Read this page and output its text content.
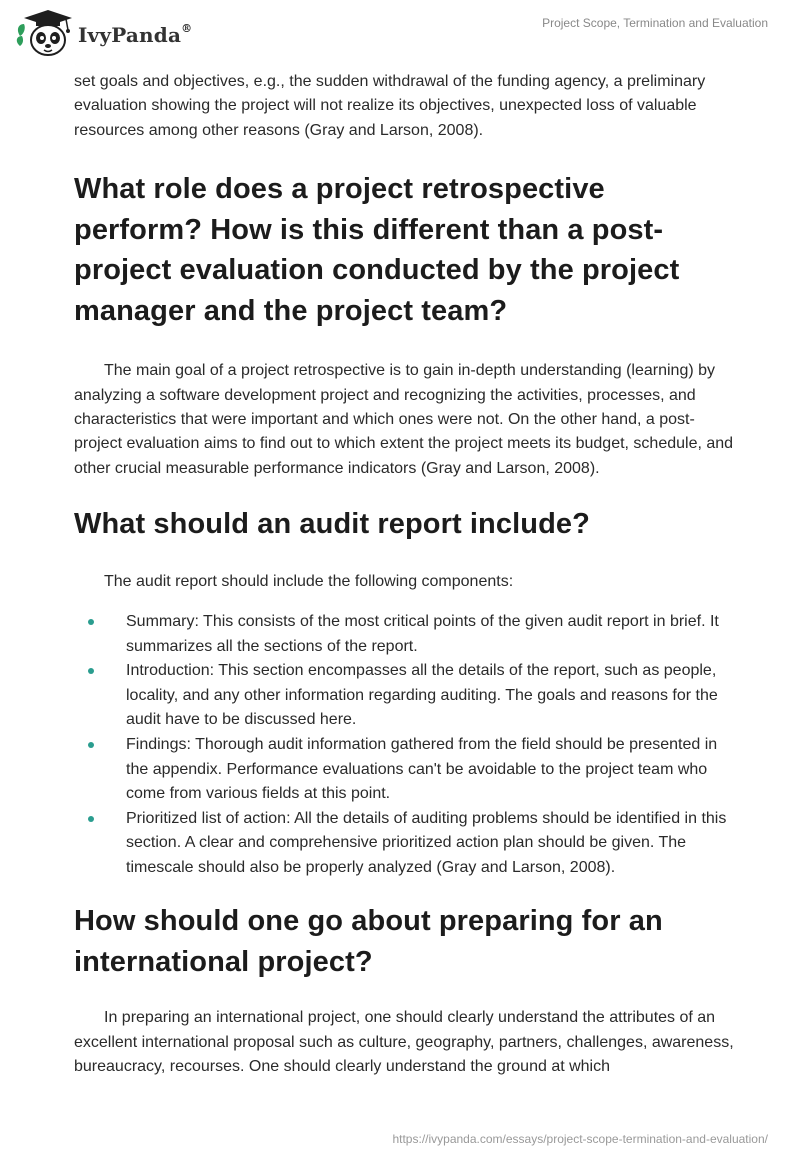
IvyPanda®	Project Scope, Termination and Evaluation

set goals and objectives, e.g., the sudden withdrawal of the funding agency, a preliminary evaluation showing the project will not realize its objectives, unexpected loss of valuable resources among other reasons (Gray and Larson, 2008).

What role does a project retrospective perform? How is this different than a post-project evaluation conducted by the project manager and the project team?

The main goal of a project retrospective is to gain in-depth understanding (learning) by analyzing a software development project and recognizing the activities, processes, and characteristics that were important and which ones were not. On the other hand, a post-project evaluation aims to find out to which extent the project meets its budget, schedule, and other crucial measurable performance indicators (Gray and Larson, 2008).

What should an audit report include?

The audit report should include the following components:

Summary: This consists of the most critical points of the given audit report in brief. It summarizes all the sections of the report.
Introduction: This section encompasses all the details of the report, such as people, locality, and any other information regarding auditing. The goals and reasons for the audit have to be discussed here.
Findings: Thorough audit information gathered from the field should be presented in the appendix. Performance evaluations can't be avoidable to the project team who come from various fields at this point.
Prioritized list of action: All the details of auditing problems should be identified in this section. A clear and comprehensive prioritized action plan should be given. The timescale should also be properly analyzed (Gray and Larson, 2008).
How should one go about preparing for an international project?

In preparing an international project, one should clearly understand the attributes of an excellent international proposal such as culture, geography, partners, challenges, awareness, bureaucracy, recourses. One should clearly understand the ground at which

https://ivypanda.com/essays/project-scope-termination-and-evaluation/
